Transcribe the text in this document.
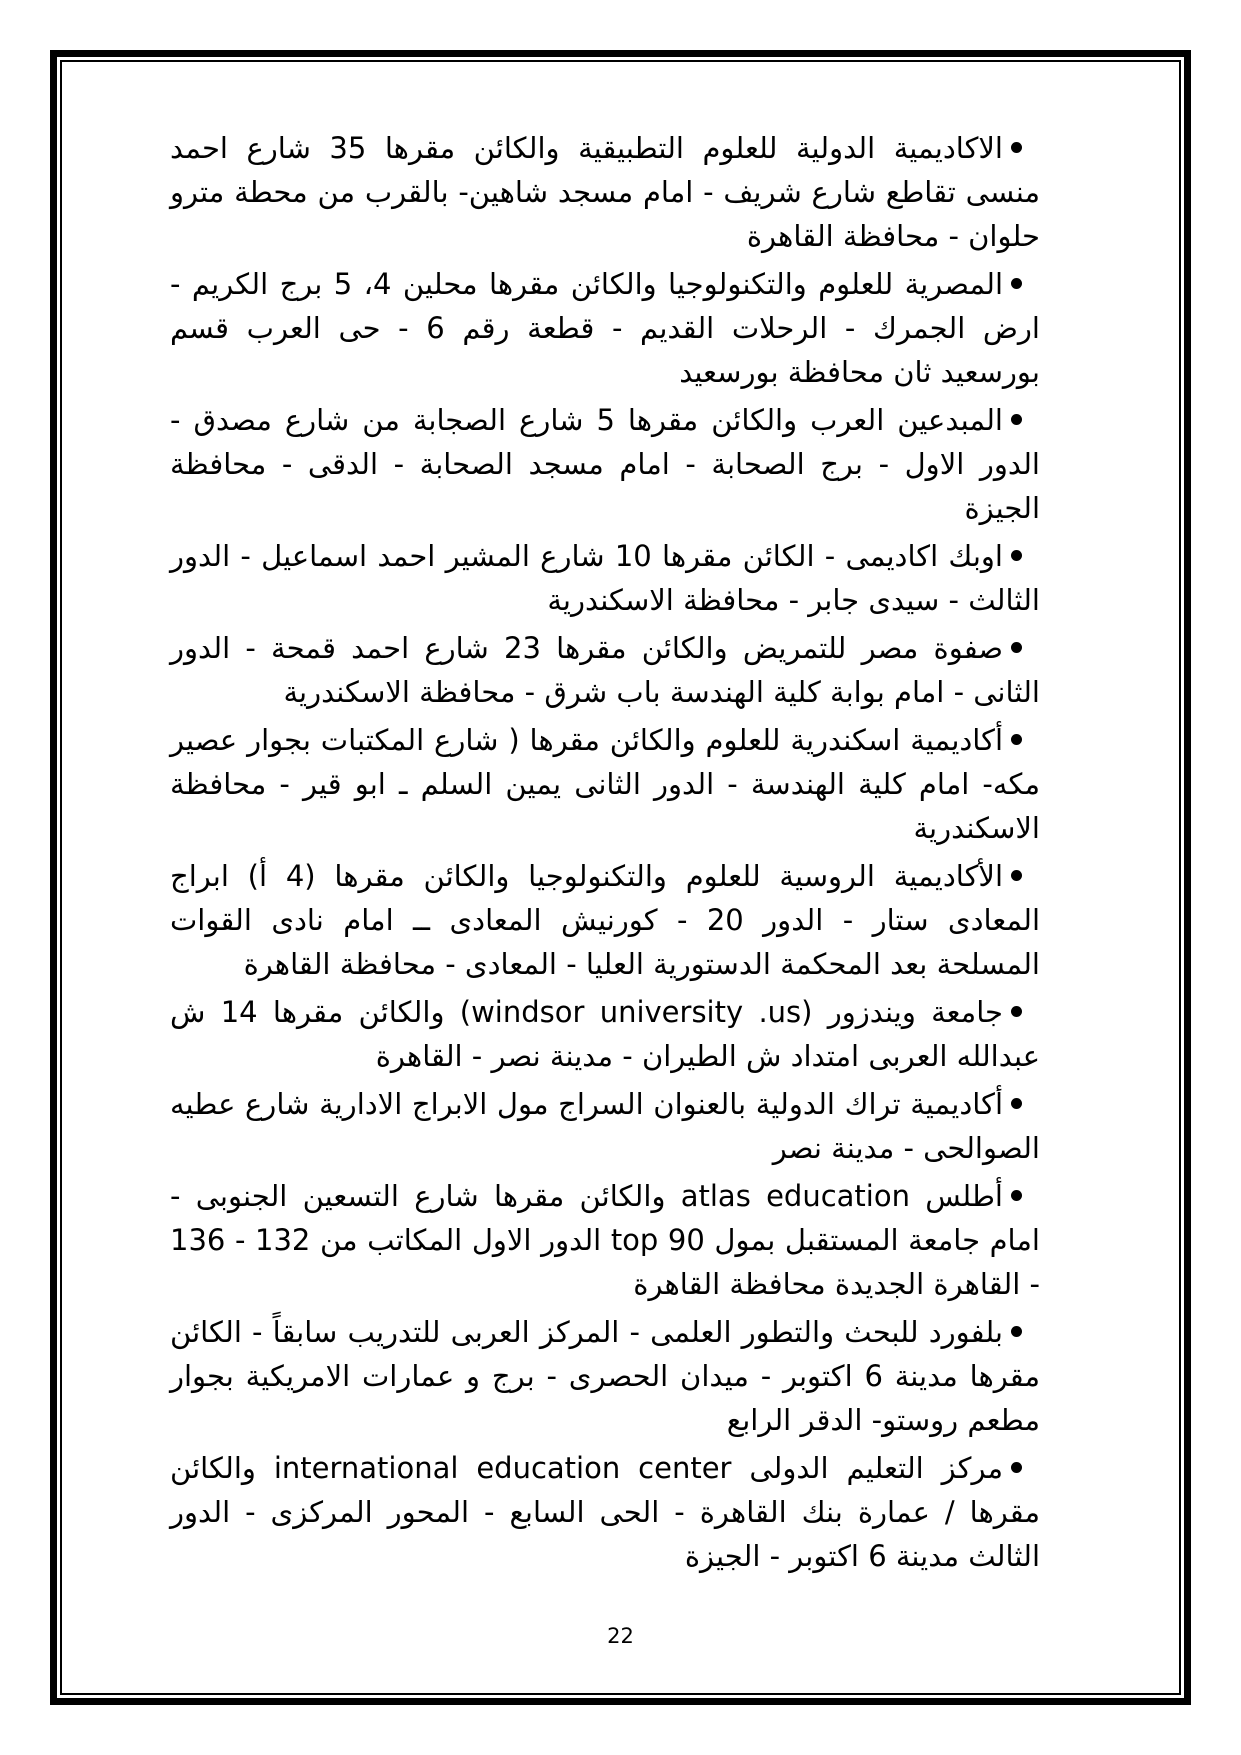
الاكاديمية الدولية للعلوم التطبيقية والكائن مقرها 35 شارع احمد منسى تقاطع شارع شريف - امام مسجد شاهين- بالقرب من محطة مترو حلوان - محافظة القاهرة
المصرية للعلوم والتكنولوجيا والكائن مقرها محلين 4، 5 برج الكريم - ارض الجمرك - الرحلات القديم - قطعة رقم 6 - حى العرب قسم بورسعيد ثان محافظة بورسعيد
المبدعين العرب والكائن مقرها 5 شارع الصجابة من شارع مصدق - الدور الاول - برج الصحابة - امام مسجد الصحابة - الدقى - محافظة الجيزة
اوبك اكاديمى - الكائن مقرها 10 شارع المشير احمد اسماعيل - الدور الثالث - سيدى جابر - محافظة الاسكندرية
صفوة مصر للتمريض والكائن مقرها 23 شارع احمد قمحة - الدور الثانى - امام بوابة كلية الهندسة باب شرق - محافظة الاسكندرية
أكاديمية اسكندرية للعلوم والكائن مقرها ( شارع المكتبات بجوار عصير مكه- امام كلية الهندسة - الدور الثانى يمين السلم ـ ابو قير - محافظة الاسكندرية
الأكاديمية الروسية للعلوم والتكنولوجيا والكائن مقرها (4 أ) ابراج المعادى ستار - الدور 20 - كورنيش المعادى ــ امام نادى القوات المسلحة بعد المحكمة الدستورية العليا - المعادى - محافظة القاهرة
جامعة ويندزور (windsor university .us) والكائن مقرها 14 ش عبدالله العربى امتداد ش الطيران - مدينة نصر - القاهرة
أكاديمية تراك الدولية بالعنوان السراج مول الابراج الادارية شارع عطيه الصوالحى - مدينة نصر
أطلس atlas education والكائن مقرها شارع التسعين الجنوبى - امام جامعة المستقبل بمول top 90 الدور الاول المكاتب من 132 - 136 - القاهرة الجديدة محافظة القاهرة
بلفورد للبحث والتطور العلمى - المركز العربى للتدريب سابقاً - الكائن مقرها مدينة 6 اكتوبر - ميدان الحصرى - برج و عمارات الامريكية بجوار مطعم روستو- الدقر الرابع
مركز التعليم الدولى international education center والكائن مقرها / عمارة بنك القاهرة - الحى السابع - المحور المركزى - الدور الثالث مدينة 6 اكتوبر - الجيزة
22
